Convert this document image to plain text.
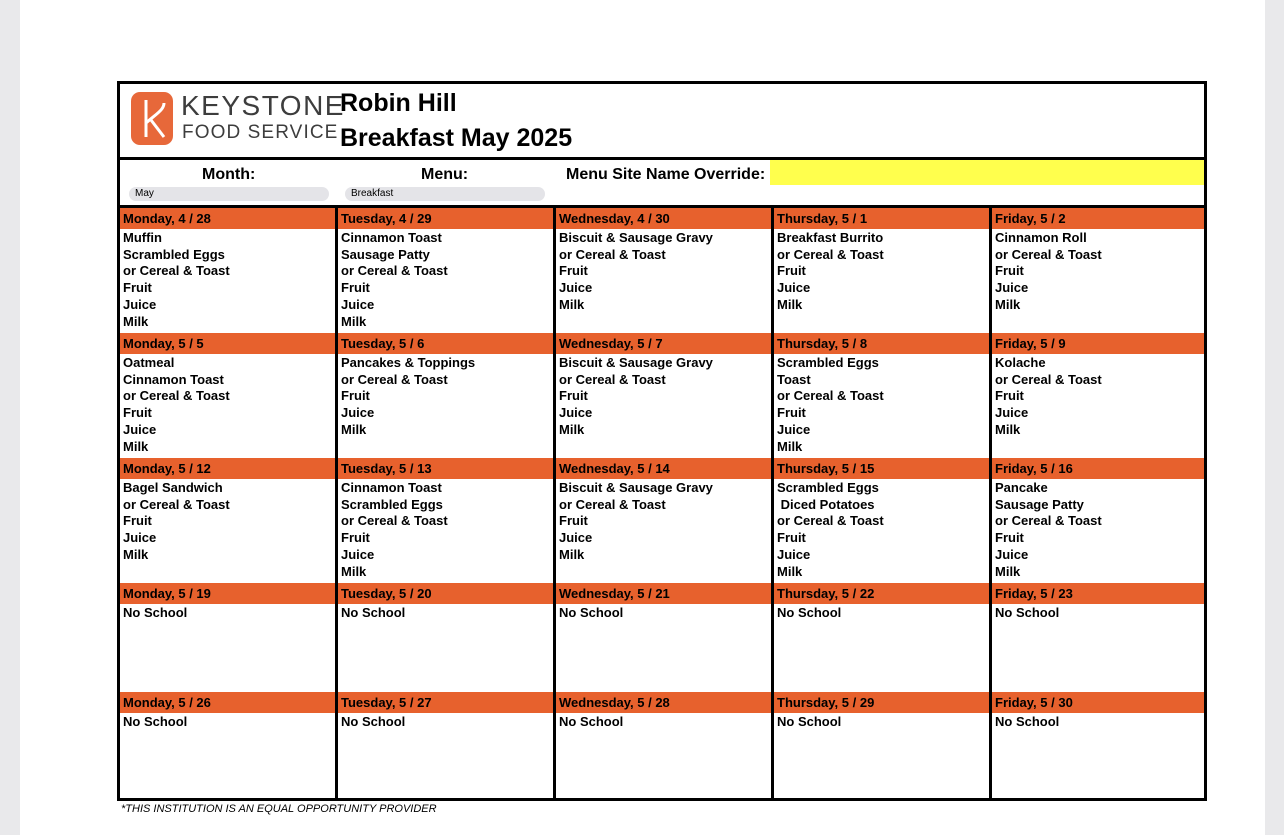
KEYSTONE
FOOD SERVICE
Robin Hill
Breakfast May 2025
Month:
May
Menu:
Breakfast
Menu Site Name Override:
Monday, 4 / 28
Muffin
Scrambled Eggs
or Cereal & Toast
Fruit
Juice
Milk
Tuesday, 4 / 29
Cinnamon Toast
Sausage Patty
or Cereal & Toast
Fruit
Juice
Milk
Wednesday, 4 / 30
Biscuit & Sausage Gravy
or Cereal & Toast
Fruit
Juice
Milk
Thursday, 5 / 1
Breakfast Burrito
or Cereal & Toast
Fruit
Juice
Milk
Friday, 5 / 2
Cinnamon Roll
or Cereal & Toast
Fruit
Juice
Milk
Monday, 5 / 5
Oatmeal
Cinnamon Toast
or Cereal & Toast
Fruit
Juice
Milk
Tuesday, 5 / 6
Pancakes & Toppings
or Cereal & Toast
Fruit
Juice
Milk
Wednesday, 5 / 7
Biscuit & Sausage Gravy
or Cereal & Toast
Fruit
Juice
Milk
Thursday, 5 / 8
Scrambled Eggs
Toast
or Cereal & Toast
Fruit
Juice
Milk
Friday, 5 / 9
Kolache
or Cereal & Toast
Fruit
Juice
Milk
Monday, 5 / 12
Bagel Sandwich
or Cereal & Toast
Fruit
Juice
Milk
Tuesday, 5 / 13
Cinnamon Toast
Scrambled Eggs
or Cereal & Toast
Fruit
Juice
Milk
Wednesday, 5 / 14
Biscuit & Sausage Gravy
or Cereal & Toast
Fruit
Juice
Milk
Thursday, 5 / 15
Scrambled Eggs
Diced Potatoes
or Cereal & Toast
Fruit
Juice
Milk
Friday, 5 / 16
Pancake
Sausage Patty
or Cereal & Toast
Fruit
Juice
Milk
Monday, 5 / 19
No School
Tuesday, 5 / 20
No School
Wednesday, 5 / 21
No School
Thursday, 5 / 22
No School
Friday, 5 / 23
No School
Monday, 5 / 26
No School
Tuesday, 5 / 27
No School
Wednesday, 5 / 28
No School
Thursday, 5 / 29
No School
Friday, 5 / 30
No School
*THIS INSTITUTION IS AN EQUAL OPPORTUNITY PROVIDER
